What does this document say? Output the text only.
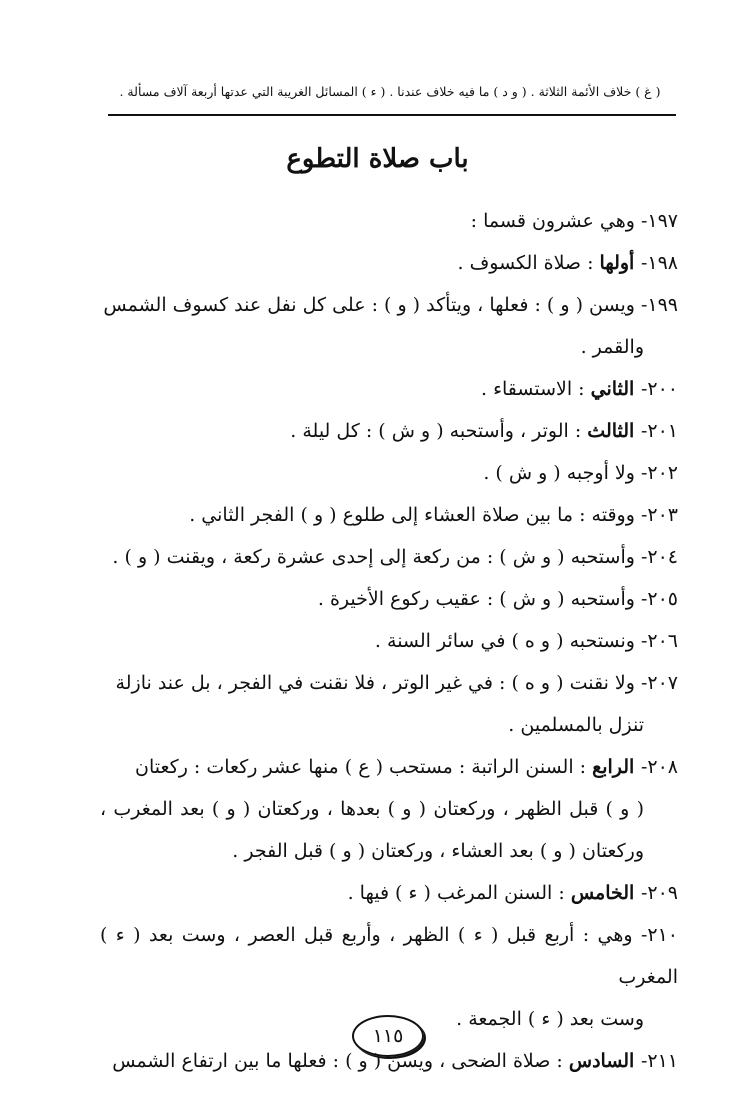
( غ ) خلاف الأئمة الثلاثة . ( و د ) ما فيه خلاف عندنا . ( ء ) المسائل الغريبة التي عدتها أربعة آلاف مسألة .
باب صلاة التطوع

١٩٧- وهي عشرون قسما :

١٩٨- أولها : صلاة الكسوف .

١٩٩- ويسن ( و ) : فعلها ، ويتأكد ( و ) : على كل نفل عند كسوف الشمس
والقمر .

٢٠٠- الثاني : الاستسقاء .

٢٠١- الثالث : الوتر ، وأستحبه ( و ش ) : كل ليلة .

٢٠٢- ولا أوجبه ( و ش ) .

٢٠٣- ووقته : ما بين صلاة العشاء إلى طلوع ( و ) الفجر الثاني .

٢٠٤- وأستحبه ( و ش ) : من ركعة إلى إحدى عشرة ركعة ، ويقنت ( و ) .

٢٠٥- وأستحبه ( و ش ) : عقيب ركوع الأخيرة .

٢٠٦- ونستحبه ( و ه ) في سائر السنة .

٢٠٧- ولا نقنت ( و ه ) : في غير الوتر ، فلا نقنت في الفجر ، بل عند نازلة
تنزل بالمسلمين .

٢٠٨- الرابع : السنن الراتبة : مستحب ( ع ) منها عشر ركعات : ركعتان
( و ) قبل الظهر ، وركعتان ( و ) بعدها ، وركعتان ( و ) بعد المغرب ، وركعتان ( و ) بعد العشاء ، وركعتان ( و ) قبل الفجر .

٢٠٩- الخامس : السنن المرغب ( ء ) فيها .

٢١٠- وهي : أربع قبل ( ء ) الظهر ، وأربع قبل العصر ، وست بعد ( ء ) المغرب
وست بعد ( ء ) الجمعة .

٢١١- السادس : صلاة الضحى ، ويسن ( و ) : فعلها ما بين ارتفاع الشمس

١١٥
